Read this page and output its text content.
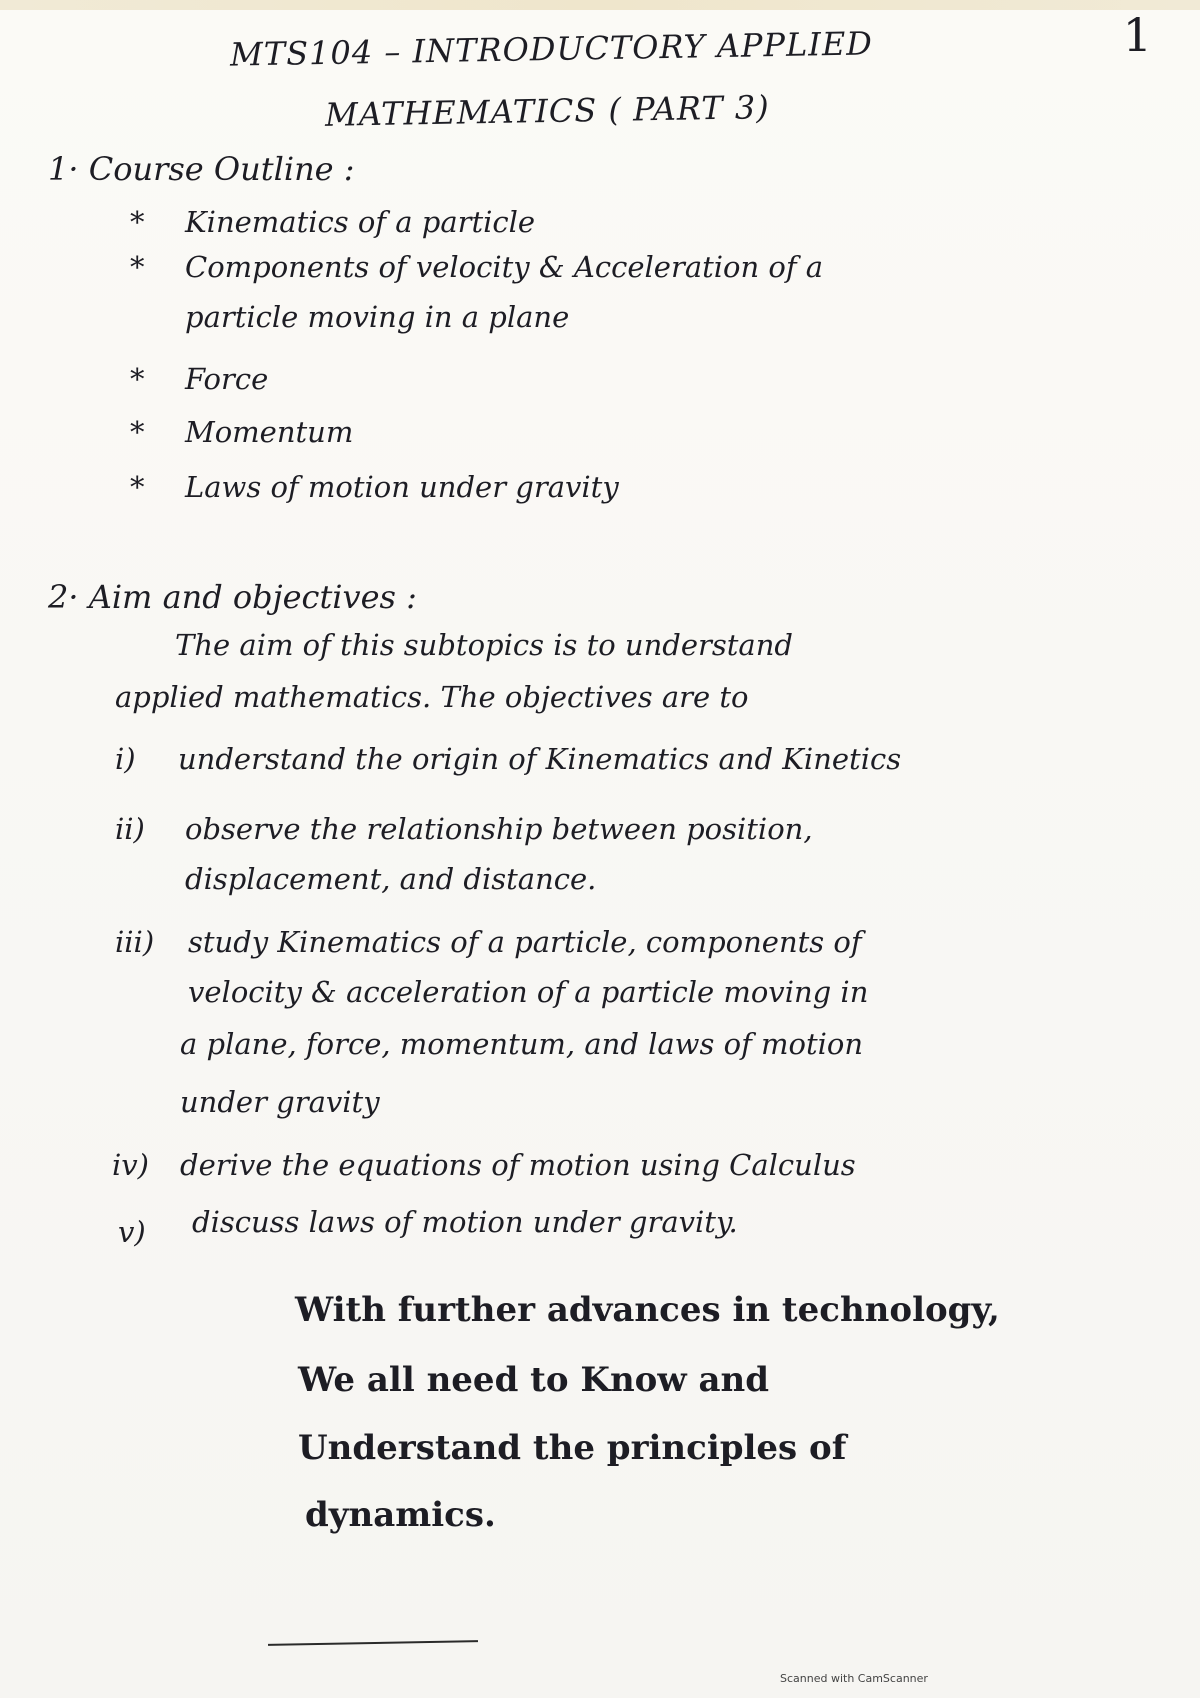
1
MTS104 – INTRODUCTORY APPLIED
MATHEMATICS ( PART 3)
1· Course Outline :
* Kinematics of a particle
* Components of velocity & Acceleration of a
particle moving in a plane
* Force
* Momentum
* Laws of motion under gravity
2· Aim and objectives :
The aim of this subtopics is to understand
applied mathematics. The objectives are to
i) understand the origin of Kinematics and Kinetics
ii) observe the relationship between position,
displacement, and distance.
iii) study Kinematics of a particle, components of
velocity & acceleration of a particle moving in
a plane, force, momentum, and laws of motion
under gravity
iv) derive the equations of motion using Calculus
v) discuss laws of motion under gravity.
With further advances in technology,
We all need to Know and
Understand the principles of
dynamics.
Scanned with CamScanner
